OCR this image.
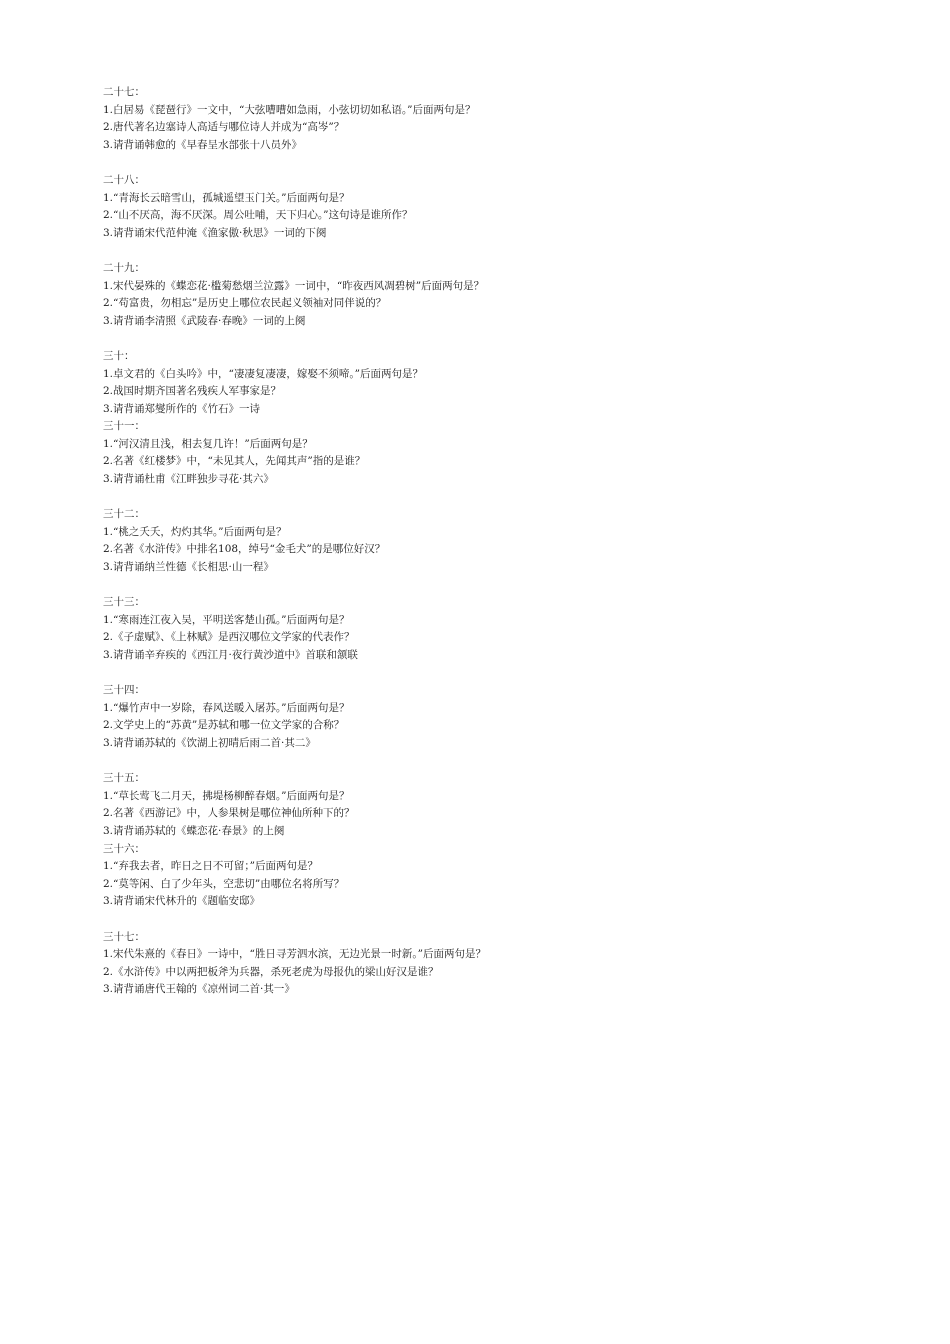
二十七：
1.白居易《琵琶行》一文中，“大弦嘈嘈如急雨，小弦切切如私语。”后面两句是？
2.唐代著名边塞诗人高适与哪位诗人并成为“高岑”？
3.请背诵韩愈的《早春呈水部张十八员外》
二十八：
1.“青海长云暗雪山，孤城遥望玉门关。”后面两句是？
2.“山不厌高，海不厌深。周公吐哺，天下归心。”这句诗是谁所作？
3.请背诵宋代范仲淹《渔家傲·秋思》一词的下阕
二十九：
1.宋代晏殊的《蝶恋花·槛菊愁烟兰泣露》一词中，“昨夜西风凋碧树”后面两句是？
2.“苟富贵，勿相忘”是历史上哪位农民起义领袖对同伴说的？
3.请背诵李清照《武陵春·春晚》一词的上阕
三十：
1.卓文君的《白头吟》中，“凄凄复凄凄，嫁娶不须啼。”后面两句是？
2.战国时期齐国著名残疾人军事家是？
3.请背诵郑燮所作的《竹石》一诗
三十一：
1.“河汉清且浅，相去复几许！”后面两句是？
2.名著《红楼梦》中，“未见其人，先闻其声”指的是谁？
3.请背诵杜甫《江畔独步寻花·其六》
三十二：
1.“桃之夭夭，灼灼其华。”后面两句是？
2.名著《水浒传》中排名108，绰号“金毛犬”的是哪位好汉？
3.请背诵纳兰性德《长相思·山一程》
三十三：
1.“寒雨连江夜入吴，平明送客楚山孤。”后面两句是？
2.《子虚赋》、《上林赋》是西汉哪位文学家的代表作？
3.请背诵辛弃疾的《西江月·夜行黄沙道中》首联和颔联
三十四：
1.“爆竹声中一岁除，春风送暖入屠苏。”后面两句是？
2.文学史上的“苏黄”是苏轼和哪一位文学家的合称？
3.请背诵苏轼的《饮湖上初晴后雨二首·其二》
三十五：
1.“草长莺飞二月天，拂堤杨柳醉春烟。”后面两句是？
2.名著《西游记》中，人参果树是哪位神仙所种下的？
3.请背诵苏轼的《蝶恋花·春景》的上阕
三十六：
1.“弃我去者，昨日之日不可留；”后面两句是？
2.“莫等闲、白了少年头，空悲切”由哪位名将所写？
3.请背诵宋代林升的《题临安邸》
三十七：
1.宋代朱熹的《春日》一诗中，“胜日寻芳泗水滨，无边光景一时新。”后面两句是？
2.《水浒传》中以两把板斧为兵器，杀死老虎为母报仇的梁山好汉是谁？
3.请背诵唐代王翰的《凉州词二首·其一》
